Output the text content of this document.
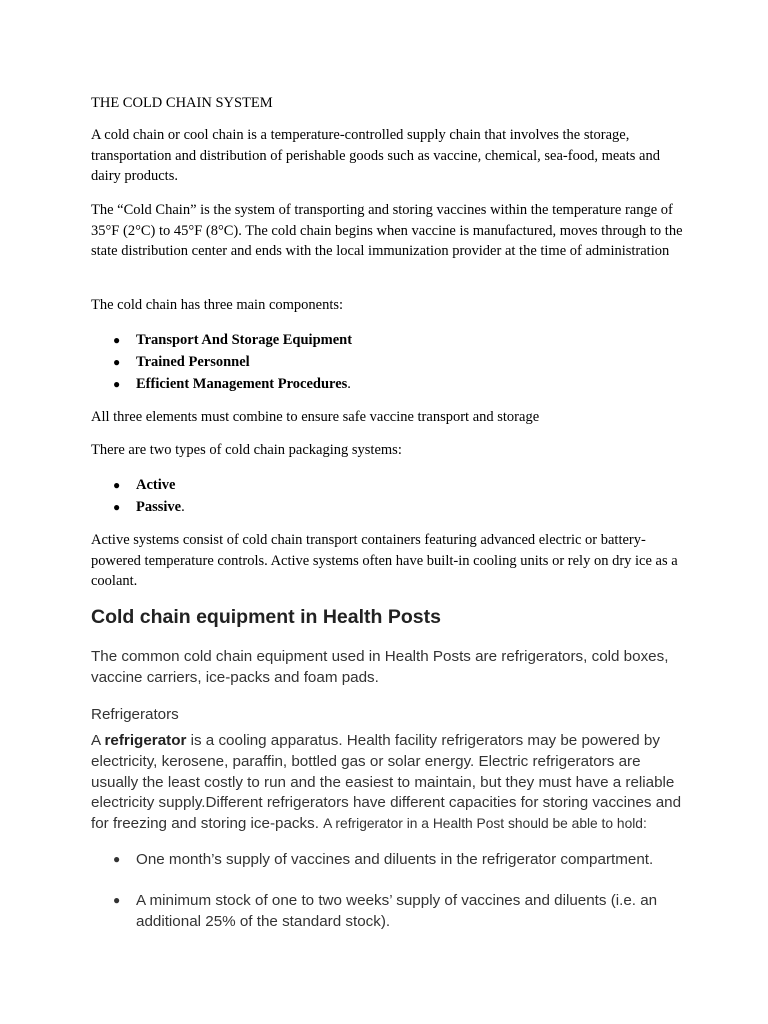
THE COLD CHAIN SYSTEM

A cold chain or cool chain is a temperature-controlled supply chain that involves the storage, transportation and distribution of perishable goods such as vaccine, chemical, sea-food, meats and dairy products.

The “Cold Chain” is the system of transporting and storing vaccines within the temperature range of 35°F (2°C) to 45°F (8°C). The cold chain begins when vaccine is manufactured, moves through to the state distribution center and ends with the local immunization provider at the time of administration

The cold chain has three main components:

● Transport And Storage Equipment
● Trained Personnel
● Efficient Management Procedures.

All three elements must combine to ensure safe vaccine transport and storage

There are two types of cold chain packaging systems:

● Active
● Passive.

Active systems consist of cold chain transport containers featuring advanced electric or battery-powered temperature controls. Active systems often have built-in cooling units or rely on dry ice as a coolant.

Cold chain equipment in Health Posts

The common cold chain equipment used in Health Posts are refrigerators, cold boxes, vaccine carriers, ice-packs and foam pads.

Refrigerators

A refrigerator is a cooling apparatus. Health facility refrigerators may be powered by electricity, kerosene, paraffin, bottled gas or solar energy. Electric refrigerators are usually the least costly to run and the easiest to maintain, but they must have a reliable electricity supply.Different refrigerators have different capacities for storing vaccines and for freezing and storing ice-packs. A refrigerator in a Health Post should be able to hold:

● One month’s supply of vaccines and diluents in the refrigerator compartment.
● A minimum stock of one to two weeks’ supply of vaccines and diluents (i.e. an additional 25% of the standard stock).
